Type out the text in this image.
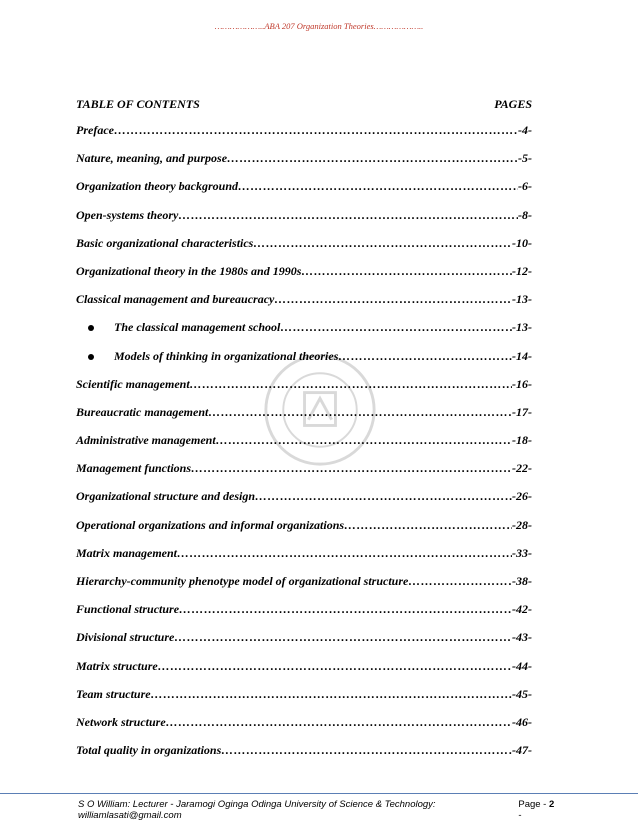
………………..ABA 207 Organization Theories………………..
TABLE OF CONTENTS	PAGES
Preface ……………………………………………………………………………………………………………………………………………………………………	-4-
Nature, meaning, and purpose ……………………………………………………………………………………………………………………………………………………………………	-5-
Organization theory background ……………………………………………………………………………………………………………………………………………………………………	-6-
Open-systems theory ……………………………………………………………………………………………………………………………………………………………………	-8-
Basic organizational characteristics ……………………………………………………………………………………………………………………………………………………………………	-10-
Organizational theory in the 1980s and 1990s ……………………………………………………………………………………………………………………………………………………………………	-12-
Classical management and bureaucracy ……………………………………………………………………………………………………………………………………………………………………	-13-
The classical management school ……………………………………………………………………………………………………………………………………………………………………	-13-
Models of thinking in organizational theories ……………………………………………………………………………………………………………………………………………………………………	-14-
Scientific management ……………………………………………………………………………………………………………………………………………………………………	-16-
Bureaucratic management ……………………………………………………………………………………………………………………………………………………………………	-17-
Administrative management ……………………………………………………………………………………………………………………………………………………………………	-18-
Management functions ……………………………………………………………………………………………………………………………………………………………………	-22-
Organizational structure and design ……………………………………………………………………………………………………………………………………………………………………	-26-
Operational organizations and informal organizations ……………………………………………………………………………………………………………………………………………………………………	-28-
Matrix management ……………………………………………………………………………………………………………………………………………………………………	-33-
Hierarchy-community phenotype model of organizational structure ……………………………………………………………………………………………………………………………………………………………………	-38-
Functional structure ……………………………………………………………………………………………………………………………………………………………………	-42-
Divisional structure ……………………………………………………………………………………………………………………………………………………………………	-43-
Matrix structure ……………………………………………………………………………………………………………………………………………………………………	-44-
Team structure ……………………………………………………………………………………………………………………………………………………………………	-45-
Network structure ……………………………………………………………………………………………………………………………………………………………………	-46-
Total quality in organizations ……………………………………………………………………………………………………………………………………………………………………	-47-
S O William: Lecturer - Jaramogi Oginga Odinga University of Science & Technology: williamlasati@gmail.com
Page - 2 -
